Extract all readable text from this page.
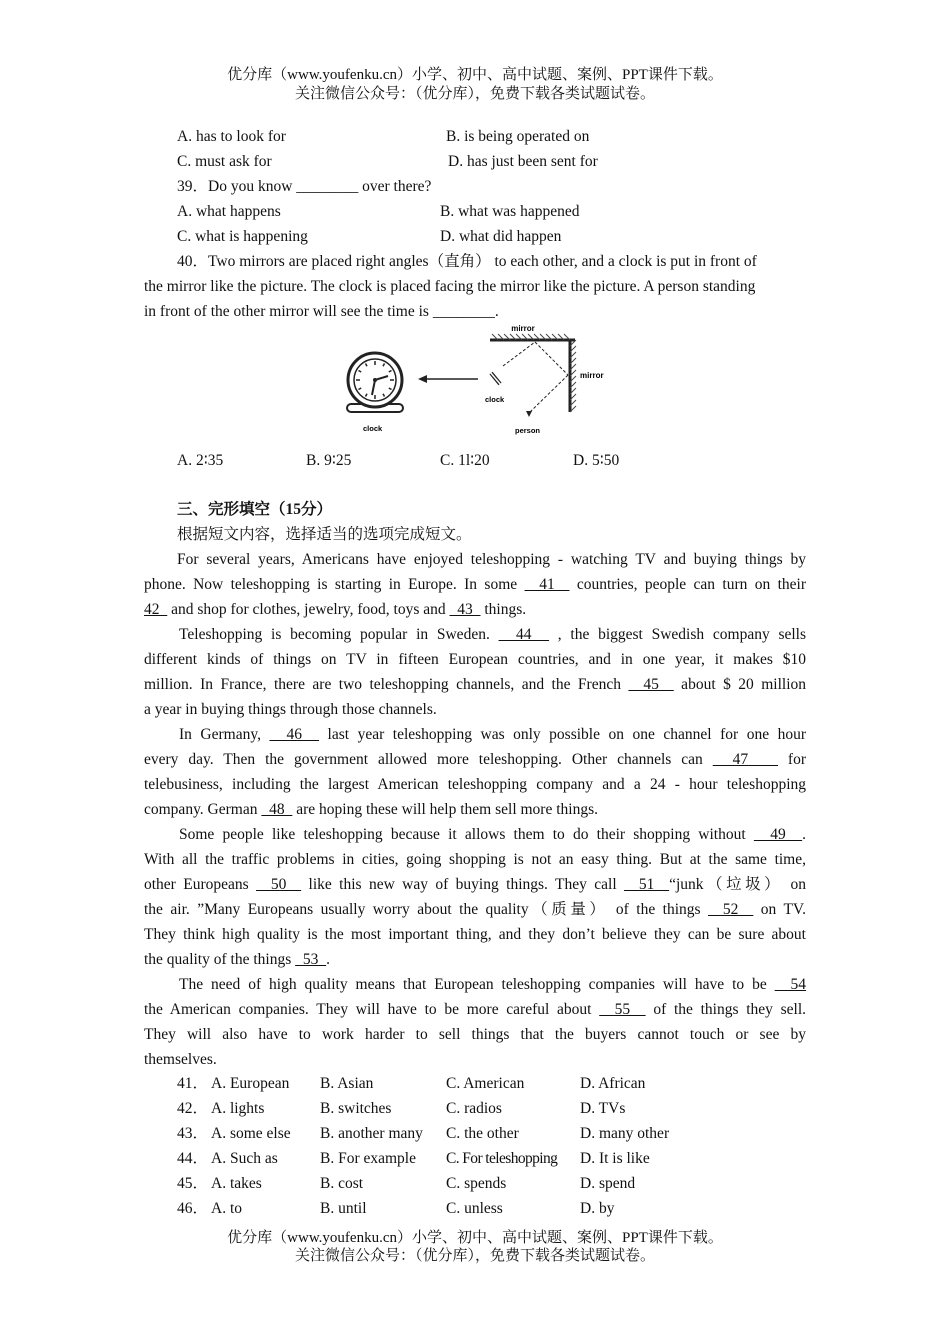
优分库（www.youfenku.cn）小学、初中、高中试题、案例、PPT课件下载。
关注微信公众号：（优分库），免费下载各类试题试卷。
A. has to look for	B. is being operated on
C. must ask for	D. has just been sent for
39．Do you know ________ over there?
A. what happens	B. what was happened
C. what is happening	D. what did happen
40．Two mirrors are placed right angles（直角） to each other, and a clock is put in front of
the mirror like the picture. The clock is placed facing the mirror like the picture. A person standing
in front of the other mirror will see the time is ________.
mirror
mirror
clock
person
clock
A. 2∶35	B. 9∶25	C. 1l∶20	D. 5∶50
三、完形填空（15分）
根据短文内容，选择适当的选项完成短文。
For several years, Americans have enjoyed teleshopping - watching TV and buying things by
phone. Now teleshopping is starting in Europe. In some   41   countries, people can turn on their
42   and shop for clothes, jewelry, food, toys and   43   things.
Teleshopping is becoming popular in Sweden.   44   , the biggest Swedish company sells
different kinds of things on TV in fifteen European countries, and in one year, it makes $10
million. In France, there are two teleshopping channels, and the French   45   about $ 20 million
a year in buying things through those channels.
In Germany,   46   last year teleshopping was only possible on one channel for one hour
every day. Then the government allowed more teleshopping. Other channels can   47    for
telebusiness, including the largest American teleshopping company and a 24 - hour teleshopping
company. German   48   are hoping these will help them sell more things.
Some people like teleshopping because it allows them to do their shopping without   49  .
With all the traffic problems in cities, going shopping is not an easy thing. But at the same time,
other Europeans   50   like this new way of buying things. They call   51  “junk（垃圾） on
the air. ”Many Europeans usually worry about the quality（质量） of the things   52   on TV.
They think high quality is the most important thing, and they don’t believe they can be sure about
the quality of the things   53  .
The need of high quality means that European teleshopping companies will have to be   54
the American companies. They will have to be more careful about   55   of the things they sell.
They will also have to work harder to sell things that the buyers cannot touch or see by
themselves.
41． A. European B. Asian	C. American	D. African
42． A. lights	B. switches	C. radios	D. TVs
43． A. some else B. another many C. the other	D. many other
44． A. Such as	B. For example C. For teleshopping D. It is like
45． A. takes	B. cost	C. spends	D. spend
46． A. to	B. until	C. unless	D. by
优分库（www.youfenku.cn）小学、初中、高中试题、案例、PPT课件下载。
关注微信公众号：（优分库），免费下载各类试题试卷。
